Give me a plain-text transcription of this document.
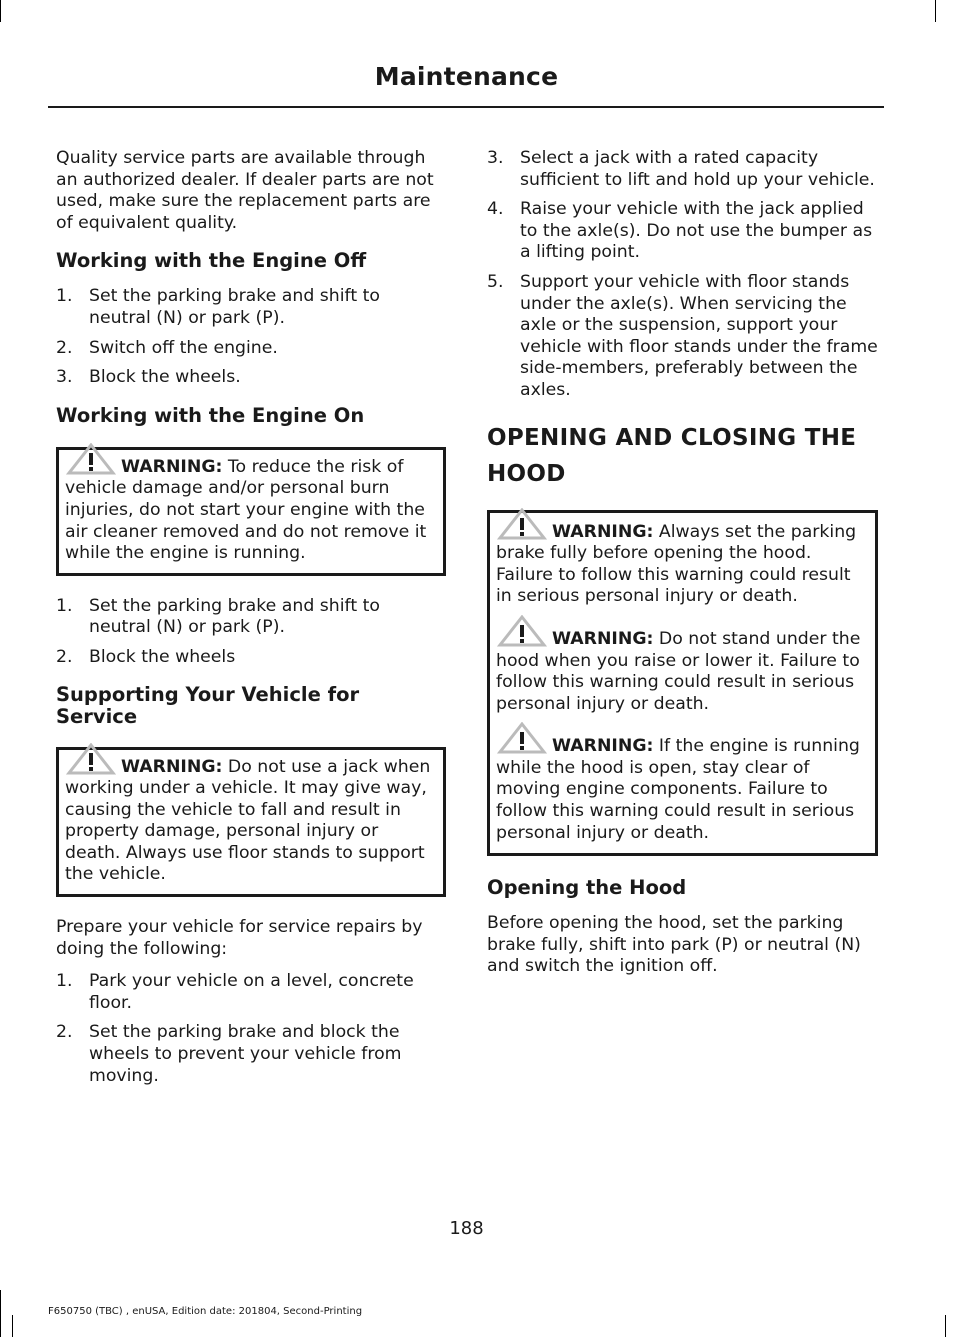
Maintenance

Quality service parts are available through an authorized dealer. If dealer parts are not used, make sure the replacement parts are of equivalent quality.

Working with the Engine Off
1. Set the parking brake and shift to neutral (N) or park (P).
2. Switch off the engine.
3. Block the wheels.
Working with the Engine On
WARNING: To reduce the risk of vehicle damage and/or personal burn injuries, do not start your engine with the air cleaner removed and do not remove it while the engine is running.
1. Set the parking brake and shift to neutral (N) or park (P).
2. Block the wheels
Supporting Your Vehicle for Service
WARNING: Do not use a jack when working under a vehicle. It may give way, causing the vehicle to fall and result in property damage, personal injury or death. Always use floor stands to support the vehicle.

Prepare your vehicle for service repairs by doing the following:

1. Park your vehicle on a level, concrete floor.
2. Set the parking brake and block the wheels to prevent your vehicle from moving.
3. Select a jack with a rated capacity sufficient to lift and hold up your vehicle.
4. Raise your vehicle with the jack applied to the axle(s). Do not use the bumper as a lifting point.
5. Support your vehicle with floor stands under the axle(s). When servicing the axle or the suspension, support your vehicle with floor stands under the frame side-members, preferably between the axles.
OPENING AND CLOSING THE
HOOD
WARNING: Always set the parking brake fully before opening the hood. Failure to follow this warning could result in serious personal injury or death.
WARNING: Do not stand under the hood when you raise or lower it. Failure to follow this warning could result in serious personal injury or death.
WARNING: If the engine is running while the hood is open, stay clear of moving engine components. Failure to follow this warning could result in serious personal injury or death.
Opening the Hood

Before opening the hood, set the parking brake fully, shift into park (P) or neutral (N) and switch the ignition off.

188
F650750 (TBC) , enUSA, Edition date: 201804, Second-Printing
